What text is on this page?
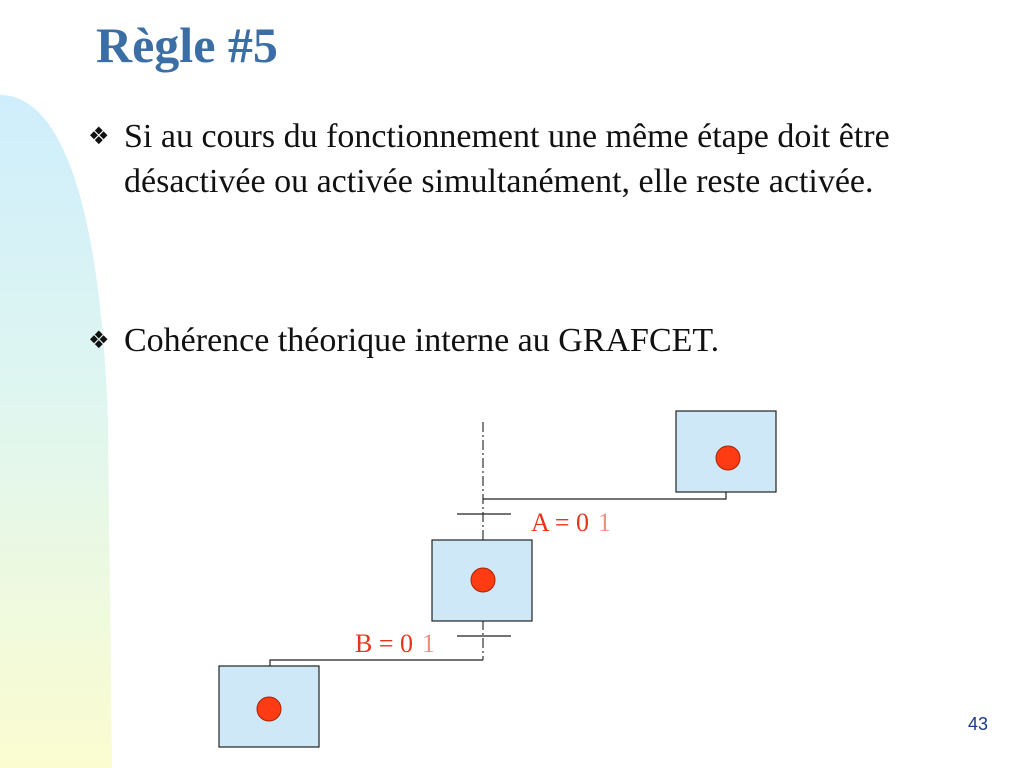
Règle #5
❖ Si au cours du fonctionnement une même étape doit être désactivée ou activée simultanément, elle reste activée.
❖ Cohérence théorique interne au GRAFCET.
A = 0 1
B = 0 1
43
